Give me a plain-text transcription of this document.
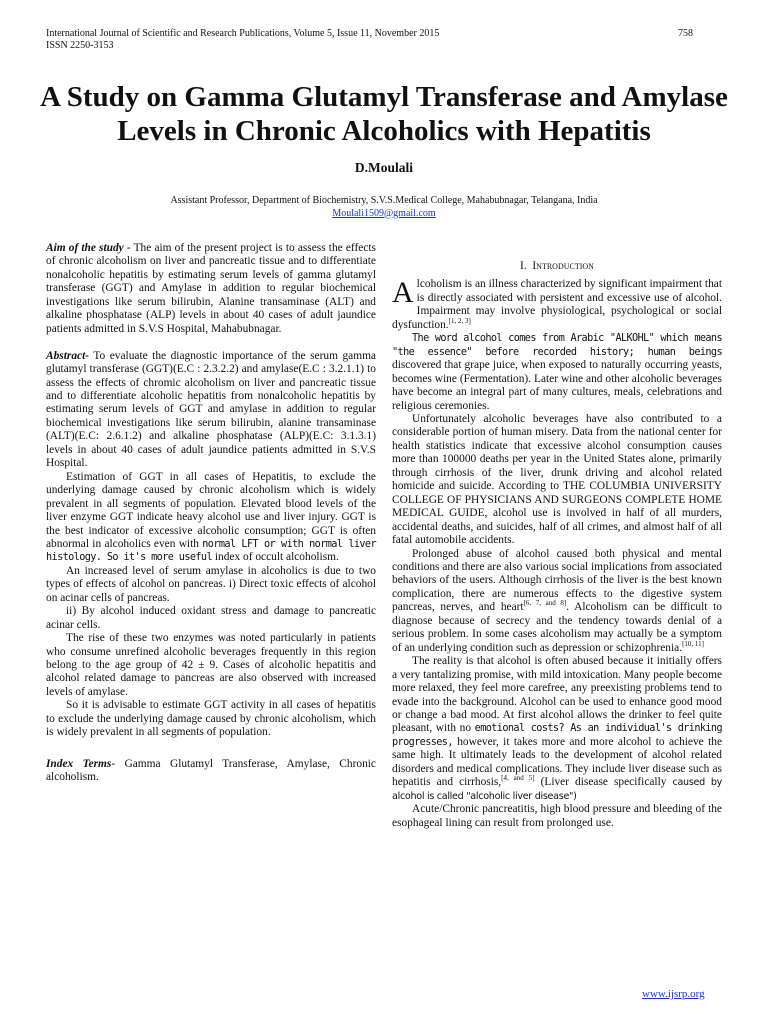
International Journal of Scientific and Research Publications, Volume 5, Issue 11, November 2015
ISSN 2250-3153
758
A Study on Gamma Glutamyl Transferase and Amylase
Levels in Chronic Alcoholics with Hepatitis
D.Moulali
Assistant Professor, Department of Biochemistry, S.V.S.Medical College, Mahabubnagar, Telangana, India
Moulali1509@gmail.com

Aim of the study - The aim of the present project is to assess the effects of chronic alcoholism on liver and pancreatic tissue and to differentiate nonalcoholic hepatitis by estimating serum levels of gamma glutamyl transferase (GGT) and Amylase in addition to regular biochemical investigations like serum bilirubin, Alanine transaminase (ALT) and alkaline phosphatase (ALP) levels in about 40 cases of adult jaundice patients admitted in S.V.S Hospital, Mahabubnagar.

Abstract- To evaluate the diagnostic importance of the serum gamma glutamyl transferase (GGT)(E.C : 2.3.2.2) and amylase(E.C : 3.2.1.1) to assess the effects of chromic alcoholism on liver and pancreatic tissue and to differentiate alcoholic hepatitis from nonalcoholic hepatitis by estimating serum levels of GGT and amylase in addition to regular biochemical investigations like serum bilirubin, alanine transaminase (ALT)(E.C: 2.6.1.2) and alkaline phosphatase (ALP)(E.C: 3.1.3.1) levels in about 40 cases of adult jaundice patients admitted in S.V.S Hospital.

Estimation of GGT in all cases of Hepatitis, to exclude the underlying damage caused by chronic alcoholism which is widely prevalent in all segments of population. Elevated blood levels of the liver enzyme GGT indicate heavy alcohol use and liver injury. GGT is the best indicator of excessive alcoholic consumption; GGT is often abnormal in alcoholics even with normal LFT or with normal liver histology. So it's more useful index of occult alcoholism.

An increased level of serum amylase in alcoholics is due to two types of effects of alcohol on pancreas. i) Direct toxic effects of alcohol on acinar cells of pancreas.

ii) By alcohol induced oxidant stress and damage to pancreatic acinar cells.

The rise of these two enzymes was noted particularly in patients who consume unrefined alcoholic beverages frequently in this region belong to the age group of 42 ± 9. Cases of alcoholic hepatitis and alcohol related damage to pancreas are also observed with increased levels of amylase.

So it is advisable to estimate GGT activity in all cases of hepatitis to exclude the underlying damage caused by chronic alcoholism, which is widely prevalent in all segments of population.

Index Terms- Gamma Glutamyl Transferase, Amylase, Chronic alcoholism.

I. Introduction

Alcoholism is an illness characterized by significant impairment that is directly associated with persistent and excessive use of alcohol. Impairment may involve physiological, psychological or social dysfunction.[1, 2, 3]

The word alcohol comes from Arabic "ALKOHL" which means "the essence" before recorded history; human beings discovered that grape juice, when exposed to naturally occurring yeasts, becomes wine (Fermentation). Later wine and other alcoholic beverages have become an integral part of many cultures, meals, celebrations and religious ceremonies.

Unfortunately alcoholic beverages have also contributed to a considerable portion of human misery. Data from the national center for health statistics indicate that excessive alcohol consumption causes more than 100000 deaths per year in the United States alone, primarily through cirrhosis of the liver, drunk driving and alcohol related homicide and suicide. According to THE COLUMBIA UNIVERSITY COLLEGE OF PHYSICIANS AND SURGEONS COMPLETE HOME MEDICAL GUIDE, alcohol use is involved in half of all murders, accidental deaths, and suicides, half of all crimes, and almost half of all fatal automobile accidents.

Prolonged abuse of alcohol caused both physical and mental conditions and there are also various social implications from associated behaviors of the users. Although cirrhosis of the liver is the best known complication, there are numerous effects to the digestive system pancreas, nerves, and heart[6, 7, and 8]. Alcoholism can be difficult to diagnose because of secrecy and the tendency towards denial of a serious problem. In some cases alcoholism may actually be a symptom of an underlying condition such as depression or schizophrenia.[10, 11]

The reality is that alcohol is often abused because it initially offers a very tantalizing promise, with mild intoxication. Many people become more relaxed, they feel more carefree, any preexisting problems tend to evade into the background. Alcohol can be used to enhance good mood or change a bad mood. At first alcohol allows the drinker to feel quite pleasant, with no emotional costs? As an individual's drinking progresses, however, it takes more and more alcohol to achieve the same high. It ultimately leads to the development of alcohol related disorders and medical complications. They include liver disease such as hepatitis and cirrhosis,[4, and 5] (Liver disease specifically caused by alcohol is called "alcoholic liver disease")

Acute/Chronic pancreatitis, high blood pressure and bleeding of the esophageal lining can result from prolonged use.

www.ijsrp.org
